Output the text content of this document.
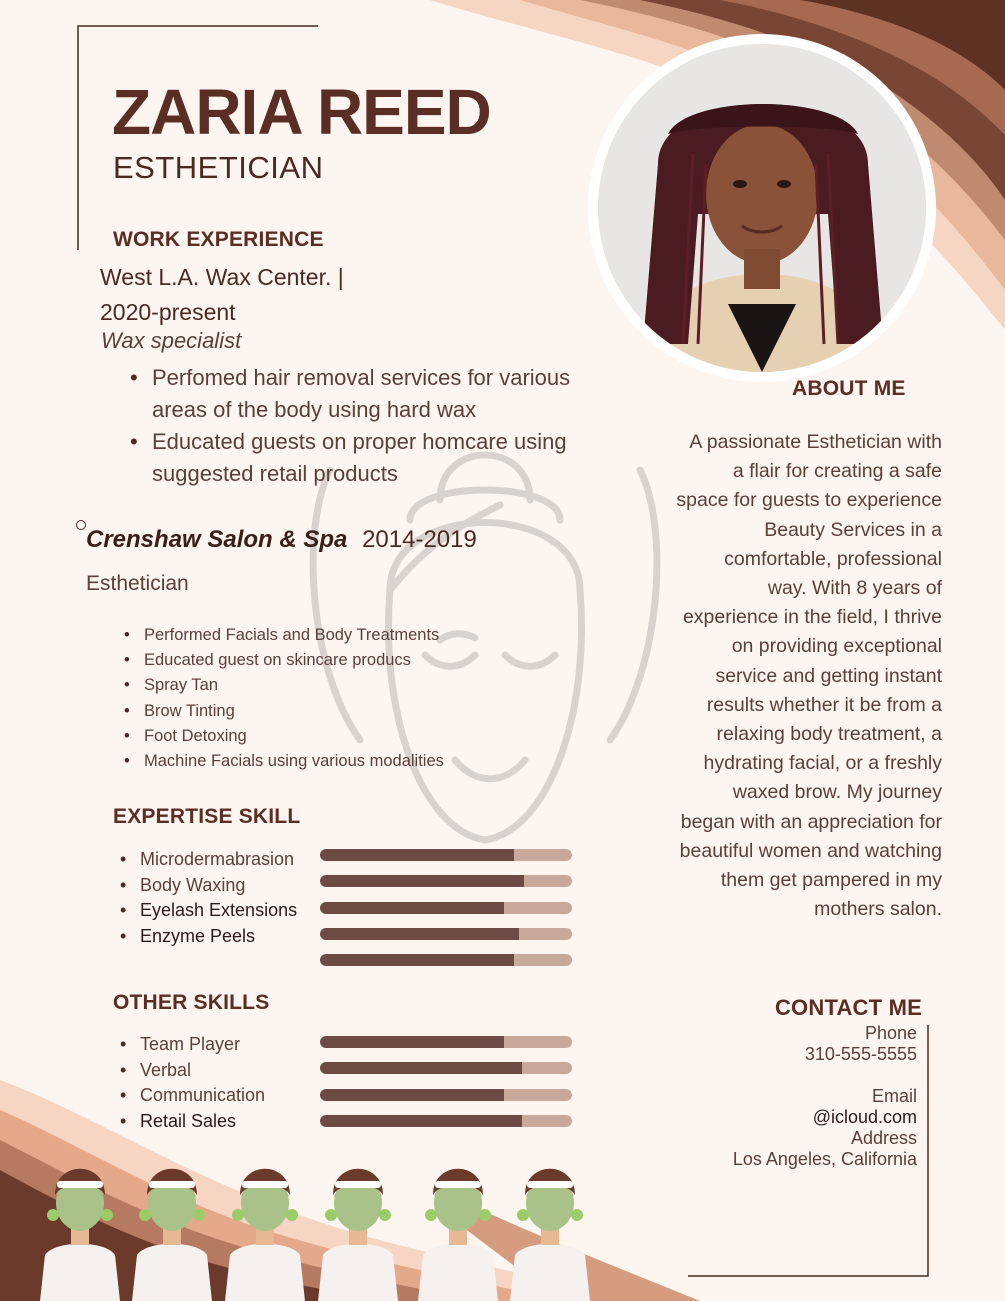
ZARIA REED
ESTHETICIAN
WORK EXPERIENCE
West L.A. Wax Center. |
2020-present
Wax specialist
• Perfomed hair removal services for various
areas of the body using hard wax
• Educated guests on proper homcare using
suggested retail products
Crenshaw Salon & Spa 2014-2019
Esthetician
• Performed Facials and Body Treatments
• Educated guest on skincare producs
• Spray Tan
• Brow Tinting
• Foot Detoxing
• Machine Facials using various modalities
EXPERTISE SKILL
• Microdermabrasion
• Body Waxing
• Eyelash Extensions
• Enzyme Peels
OTHER SKILLS
• Team Player
• Verbal
• Communication
• Retail Sales
ABOUT ME
A passionate Esthetician with
a flair for creating a safe
space for guests to experience
Beauty Services in a
comfortable, professional
way. With 8 years of
experience in the field, I thrive
on providing exceptional
service and getting instant
results whether it be from a
relaxing body treatment, a
hydrating facial, or a freshly
waxed brow. My journey
began with an appreciation for
beautiful women and watching
them get pampered in my
mothers salon.
CONTACT ME
Phone
310-555-5555
Email
@icloud.com
Address
Los Angeles, California
